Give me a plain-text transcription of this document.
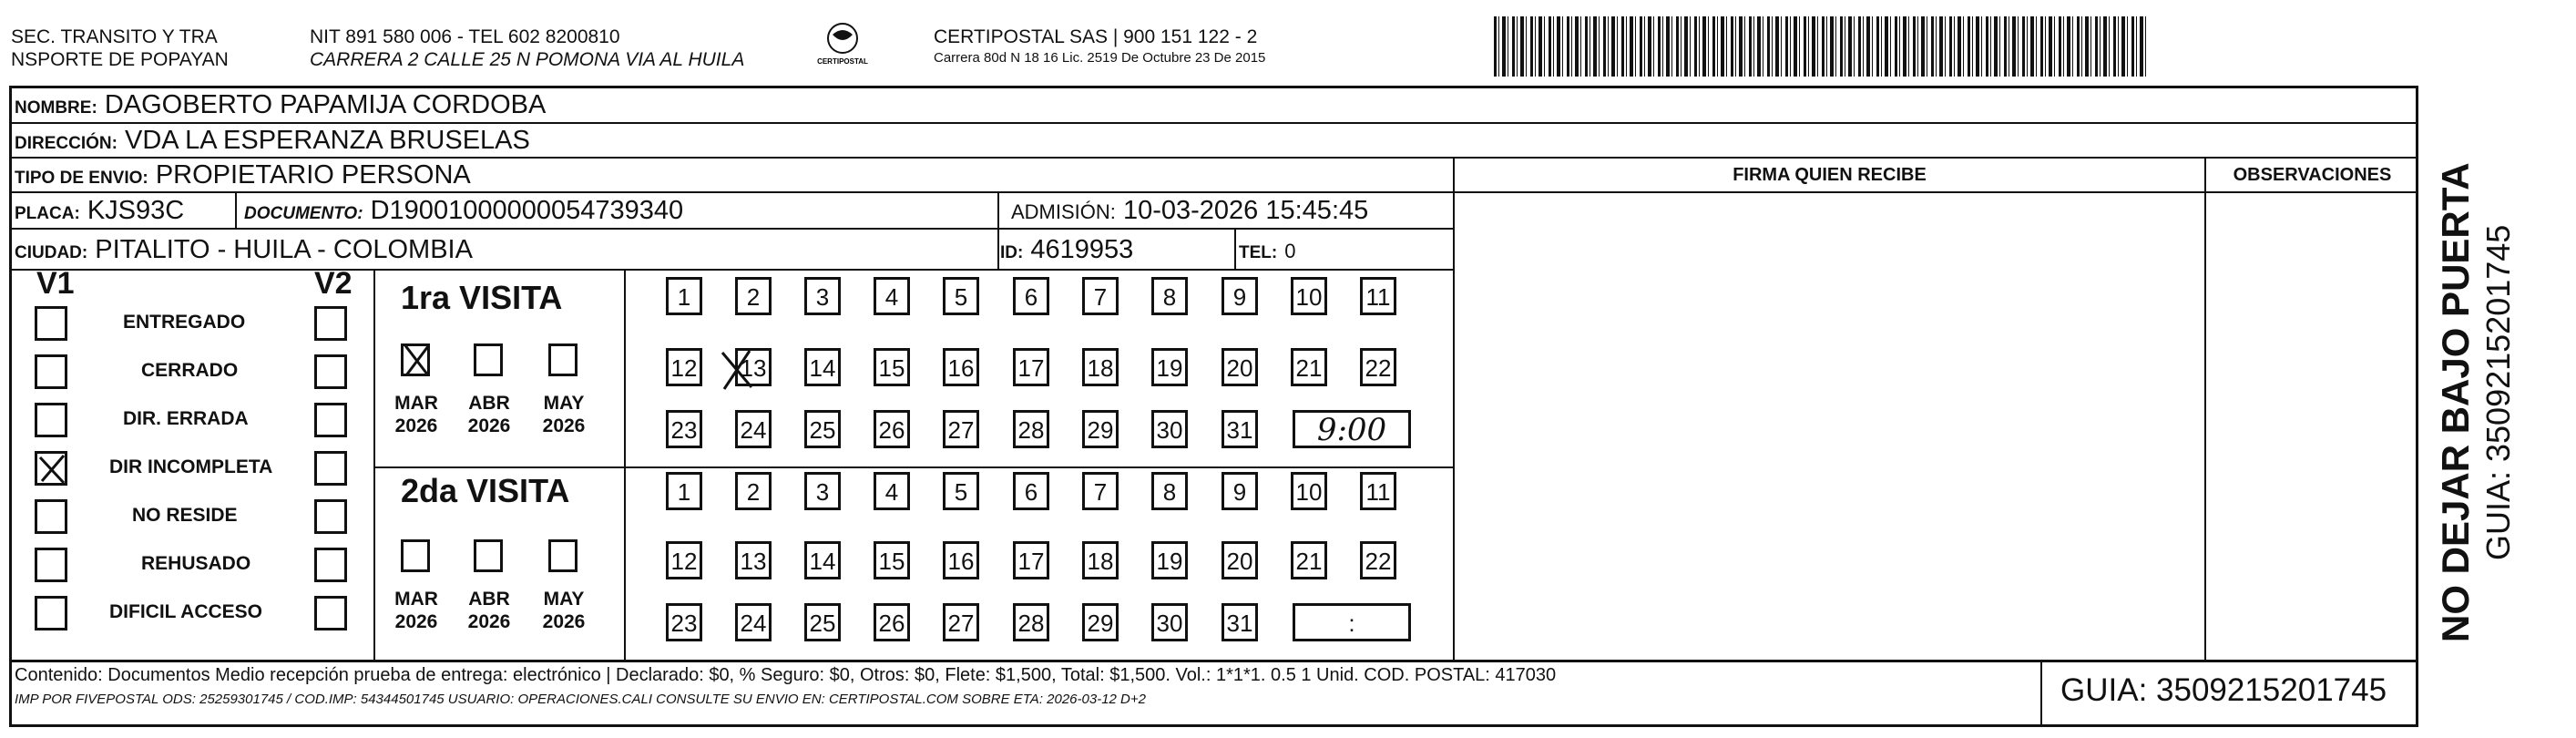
SEC. TRANSITO Y TRA
NSPORTE DE POPAYAN
NIT 891 580 006 - TEL 602 8200810
CARRERA 2 CALLE 25 N POMONA VIA AL HUILA	CERTIPOSTAL
CERTIPOSTAL SAS | 900 151 122 - 2
Carrera 80d N 18 16 Lic. 2519 De Octubre 23 De 2015
NOMBRE: DAGOBERTO PAPAMIJA CORDOBA
DIRECCIÓN: VDA LA ESPERANZA BRUSELAS
TIPO DE ENVIO: PROPIETARIO PERSONA
PLACA: KJS93C	DOCUMENTO: D19001000000054739340	ADMISIÓN: 10-03-2026 15:45:45
CIUDAD: PITALITO - HUILA - COLOMBIA	ID: 4619953	TEL: 0
FIRMA QUIEN RECIBE	OBSERVACIONES
V1	V2
ENTREGADO
CERRADO
DIR. ERRADA
DIR INCOMPLETA
NO RESIDE
REHUSADO
DIFICIL ACCESO
1ra VISITA
2da VISITA
MAR
2026
ABR
2026
MAY
2026
MAR
2026
ABR
2026
MAY
2026
1	2	3	4	5	6	7	8	9	10 11
12 13 14 15 16 17 18 19 20 21 22
23 24 25 26 27 28 29 30 31
1	2	3	4	5	6	7	8	9	10 11
12 13 14 15 16 17 18 19 20 21 22
23 24 25 26 27 28 29 30 31
9:00
:
Contenido: Documentos Medio recepción prueba de entrega: electrónico | Declarado: $0, % Seguro: $0, Otros: $0, Flete: $1,500, Total: $1,500. Vol.: 1*1*1. 0.5 1 Unid. COD. POSTAL: 417030
IMP POR FIVEPOSTAL ODS: 25259301745 / COD.IMP: 54344501745 USUARIO: OPERACIONES.CALI CONSULTE SU ENVIO EN: CERTIPOSTAL.COM SOBRE ETA: 2026-03-12 D+2	GUIA: 3509215201745
NO DEJAR BAJO PUERTA GUIA: 3509215201745
